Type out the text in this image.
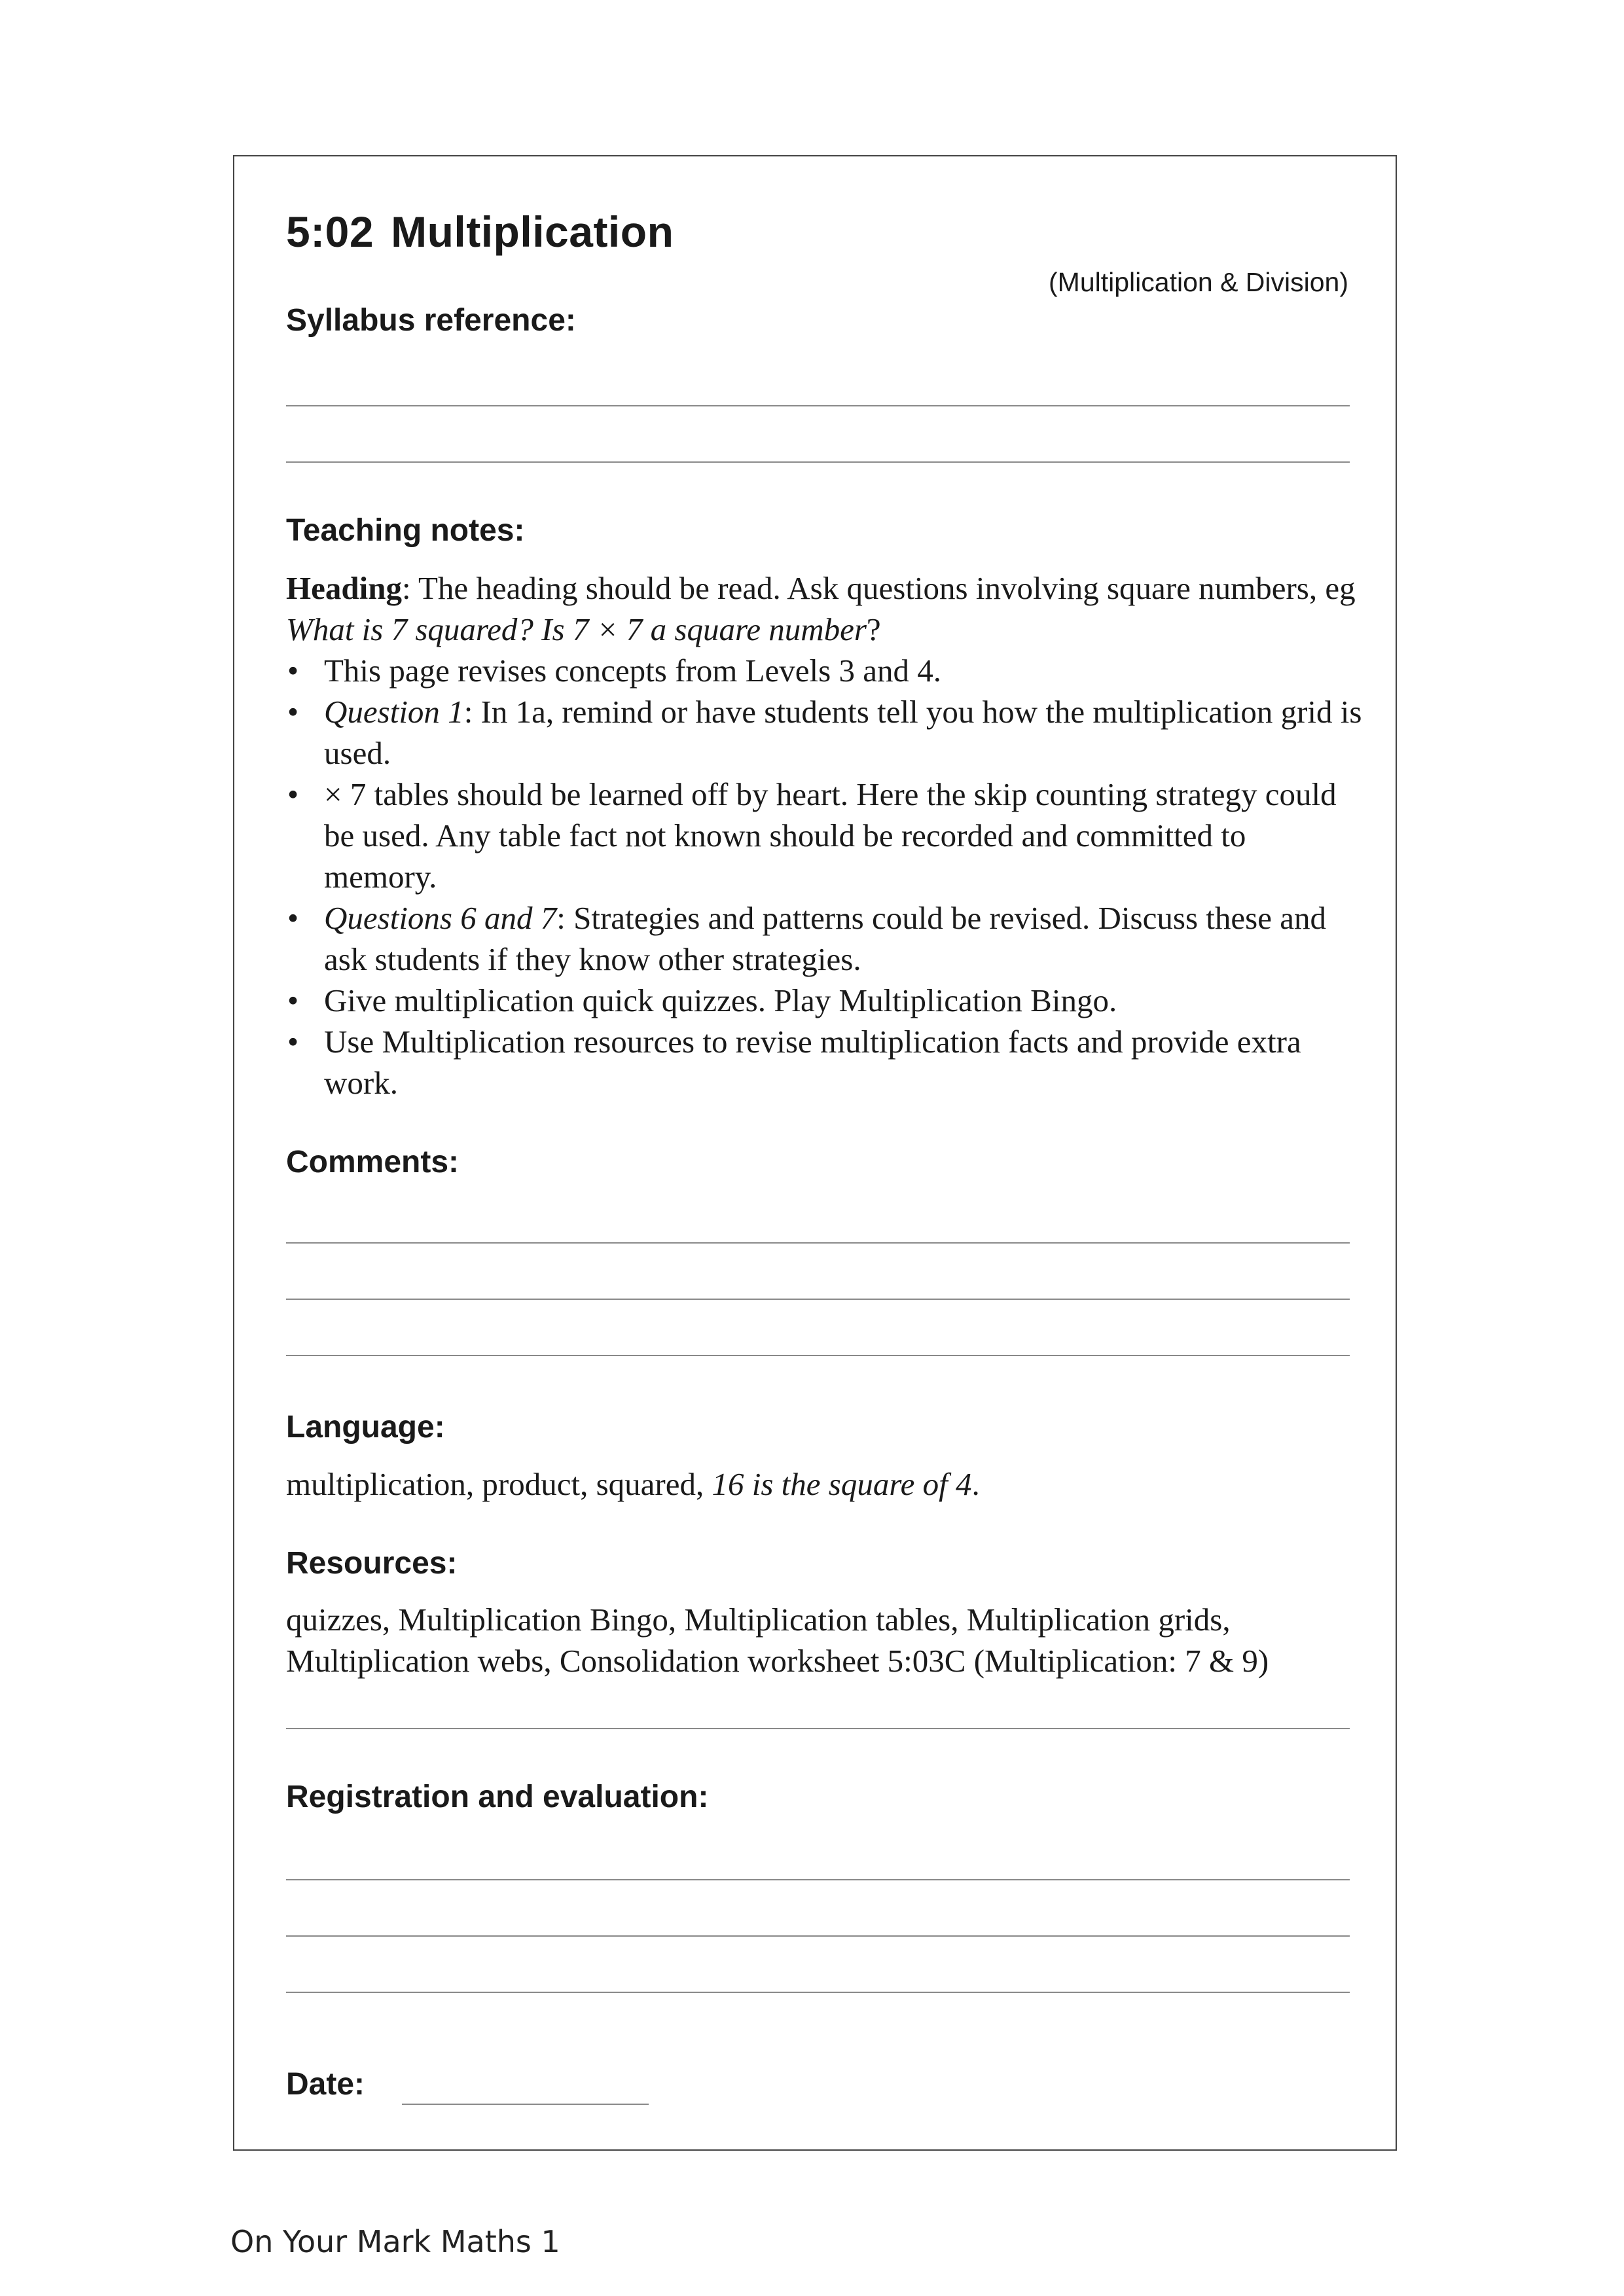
5:02 Multiplication
(Multiplication & Division)
Syllabus reference:
Teaching notes:

Heading: The heading should be read. Ask questions involving square numbers, eg What is 7 squared? Is 7 × 7 a square number?

• This page revises concepts from Levels 3 and 4.
• Question 1: In 1a, remind or have students tell you how the multiplication grid is used.
• × 7 tables should be learned off by heart. Here the skip counting strategy could be used. Any table fact not known should be recorded and committed to memory.
• Questions 6 and 7: Strategies and patterns could be revised. Discuss these and ask students if they know other strategies.
• Give multiplication quick quizzes. Play Multiplication Bingo.
• Use Multiplication resources to revise multiplication facts and provide extra work.
Comments:
Language:
multiplication, product, squared, 16 is the square of 4.
Resources:
quizzes, Multiplication Bingo, Multiplication tables, Multiplication grids, Multiplication webs, Consolidation worksheet 5:03C (Multiplication: 7 & 9)
Registration and evaluation:
Date:
On Your Mark Maths 1
